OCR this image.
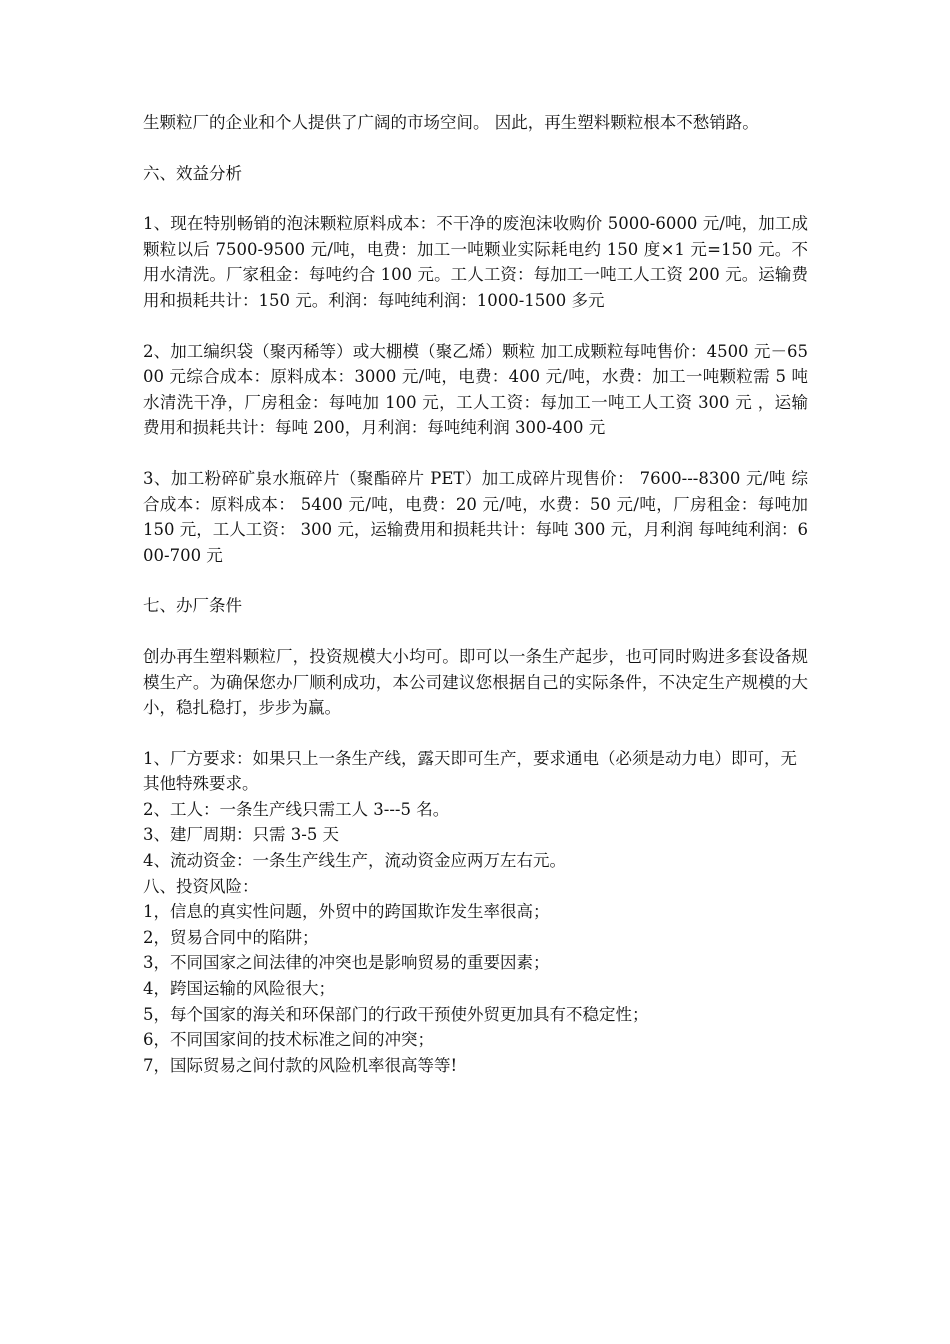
生颗粒厂的企业和个人提供了广阔的市场空间。 因此，再生塑料颗粒根本不愁销路。

六、效益分析

1、现在特别畅销的泡沫颗粒原料成本：不干净的废泡沫收购价 5000-6000 元/吨，加工成颗粒以后 7500-9500 元/吨，电费：加工一吨颗业实际耗电约 150 度×1 元=150 元。不用水清洗。厂家租金：每吨约合 100 元。工人工资：每加工一吨工人工资 200 元。运输费用和损耗共计：150 元。利润：每吨纯利润：1000-1500 多元

2、加工编织袋（聚丙稀等）或大棚模（聚乙烯）颗粒 加工成颗粒每吨售价：4500 元－6500 元综合成本：原料成本：3000 元/吨，电费：400 元/吨，水费：加工一吨颗粒需 5 吨水清洗干净，厂房租金：每吨加 100 元，工人工资：每加工一吨工人工资 300 元 ，运输费用和损耗共计：每吨 200，月利润：每吨纯利润 300-400 元

3、加工粉碎矿泉水瓶碎片（聚酯碎片 PET）加工成碎片现售价： 7600---8300 元/吨 综合成本：原料成本： 5400 元/吨，电费：20 元/吨，水费：50 元/吨，厂房租金：每吨加 150 元，工人工资： 300 元，运输费用和损耗共计：每吨 300 元，月利润 每吨纯利润：600-700 元

七、办厂条件

创办再生塑料颗粒厂，投资规模大小均可。即可以一条生产起步，也可同时购进多套设备规模生产。为确保您办厂顺利成功，本公司建议您根据自己的实际条件，不决定生产规模的大小，稳扎稳打，步步为赢。

1、厂方要求：如果只上一条生产线，露天即可生产，要求通电（必须是动力电）即可，无其他特殊要求。

2、工人：一条生产线只需工人 3---5 名。

3、建厂周期：只需 3-5 天

4、流动资金：一条生产线生产，流动资金应两万左右元。

八、投资风险：

1，信息的真实性问题，外贸中的跨国欺诈发生率很高；

2，贸易合同中的陷阱；

3，不同国家之间法律的冲突也是影响贸易的重要因素；

4，跨国运输的风险很大；

5，每个国家的海关和环保部门的行政干预使外贸更加具有不稳定性；

6，不同国家间的技术标准之间的冲突；

7，国际贸易之间付款的风险机率很高等等!
